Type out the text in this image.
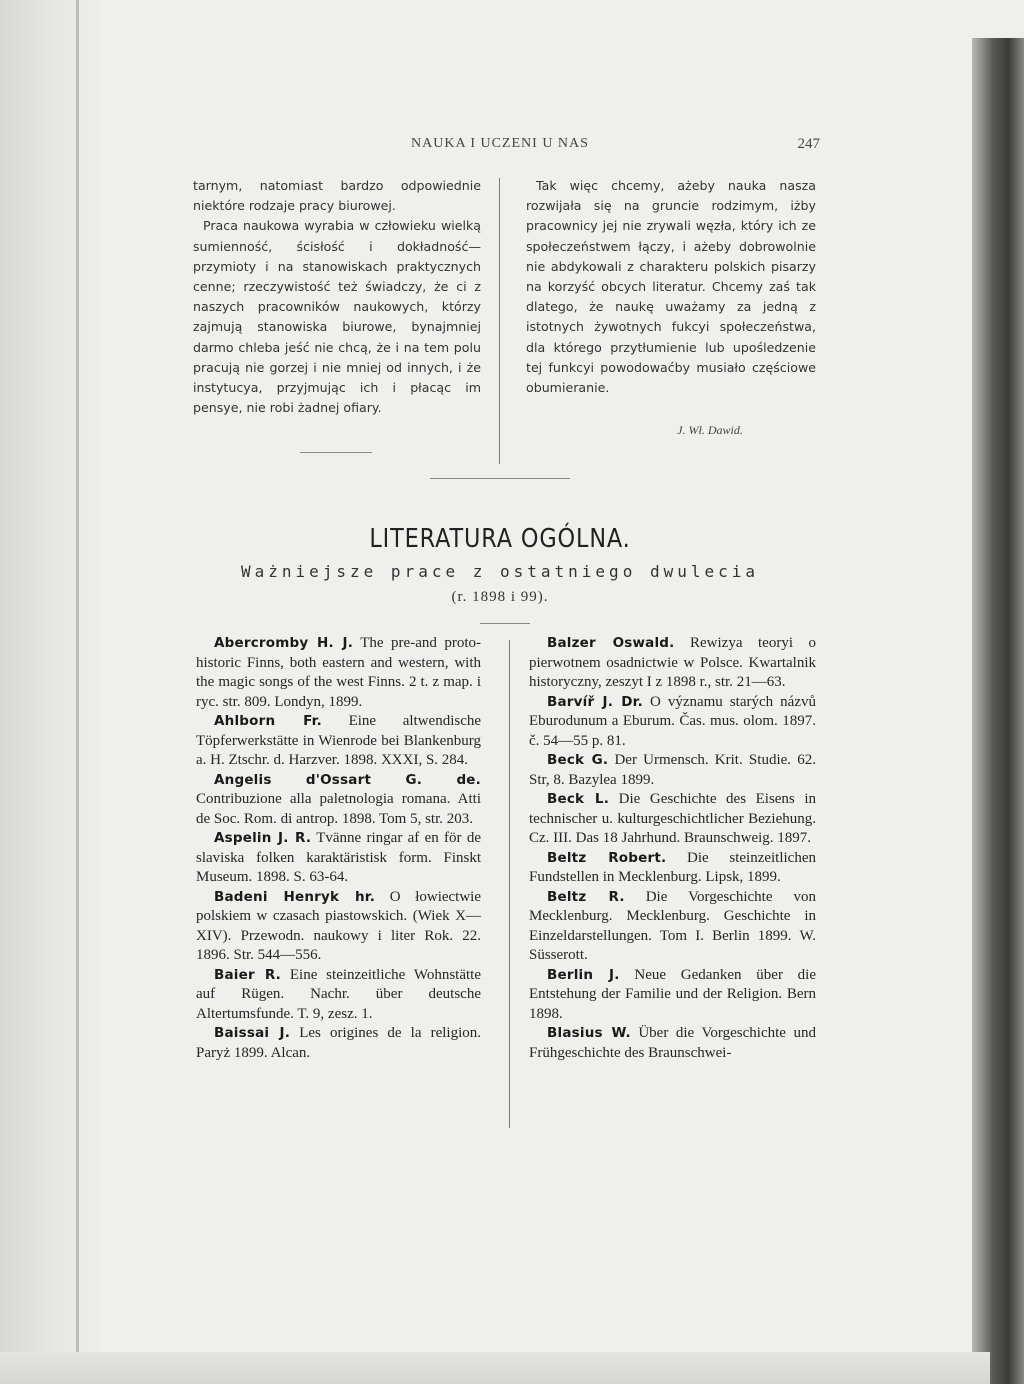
NAUKA I UCZENI U NAS	247

tarnym, natomiast bardzo odpowiednie niektóre rodzaje pracy biurowej.

Praca naukowa wyrabia w człowieku wielką sumienność, ścisłość i dokładność— przymioty i na stanowiskach praktycznych cenne; rzeczywistość też świadczy, że ci z naszych pracowników naukowych, którzy zajmują stanowiska biurowe, bynajmniej darmo chleba jeść nie chcą, że i na tem polu pracują nie gorzej i nie mniej od innych, i że instytucya, przyjmując ich i płacąc im pensye, nie robi żadnej ofiary.

Tak więc chcemy, ażeby nauka nasza rozwijała się na gruncie rodzimym, iżby pracownicy jej nie zrywali węzła, który ich ze społeczeństwem łączy, i ażeby dobrowolnie nie abdykowali z charakteru polskich pisarzy na korzyść obcych literatur. Chcemy zaś tak dlatego, że naukę uważamy za jedną z istotnych żywotnych fukcyi społeczeństwa, dla którego przytłumienie lub upośledzenie tej funkcyi powodowaćby musiało częściowe obumieranie.

J. Wł. Dawid.
LITERATURA OGÓLNA.
Ważniejsze prace z ostatniego dwulecia
(r. 1898 i 99).

Abercromby H. J. The pre-and proto-historic Finns, both eastern and western, with the magic songs of the west Finns. 2 t. z map. i ryc. str. 809. Londyn, 1899.

Ahlborn Fr. Eine altwendische Töpferwerkstätte in Wienrode bei Blankenburg a. H. Ztschr. d. Harzver. 1898. XXXI, S. 284.

Angelis d'Ossart G. de. Contribuzione alla paletnologia romana. Atti de Soc. Rom. di antrop. 1898. Tom 5, str. 203.

Aspelin J. R. Tvänne ringar af en för de slaviska folken karaktäristisk form. Finskt Museum. 1898. S. 63-64.

Badeni Henryk hr. O łowiectwie polskiem w czasach piastowskich. (Wiek X—XIV). Przewodn. naukowy i liter Rok. 22. 1896. Str. 544—556.

Baier R. Eine steinzeitliche Wohnstätte auf Rügen. Nachr. über deutsche Altertumsfunde. T. 9, zesz. 1.

Baissai J. Les origines de la religion. Paryż 1899. Alcan.

Balzer Oswald. Rewizya teoryi o pierwotnem osadnictwie w Polsce. Kwartalnik historyczny, zeszyt I z 1898 r., str. 21—63.

Barvíř J. Dr. O významu starých názvů Eburodunum a Eburum. Čas. mus. olom. 1897. č. 54—55 p. 81.

Beck G. Der Urmensch. Krit. Studie. 62. Str, 8. Bazylea 1899.

Beck L. Die Geschichte des Eisens in technischer u. kulturgeschichtlicher Beziehung. Cz. III. Das 18 Jahrhund. Braunschweig. 1897.

Beltz Robert. Die steinzeitlichen Fundstellen in Mecklenburg. Lipsk, 1899.

Beltz R. Die Vorgeschichte von Mecklenburg. Mecklenburg. Geschichte in Einzeldarstellungen. Tom I. Berlin 1899. W. Süsserott.

Berlin J. Neue Gedanken über die Entstehung der Familie und der Religion. Bern 1898.

Blasius W. Über die Vorgeschichte und Frühgeschichte des Braunschwei-
